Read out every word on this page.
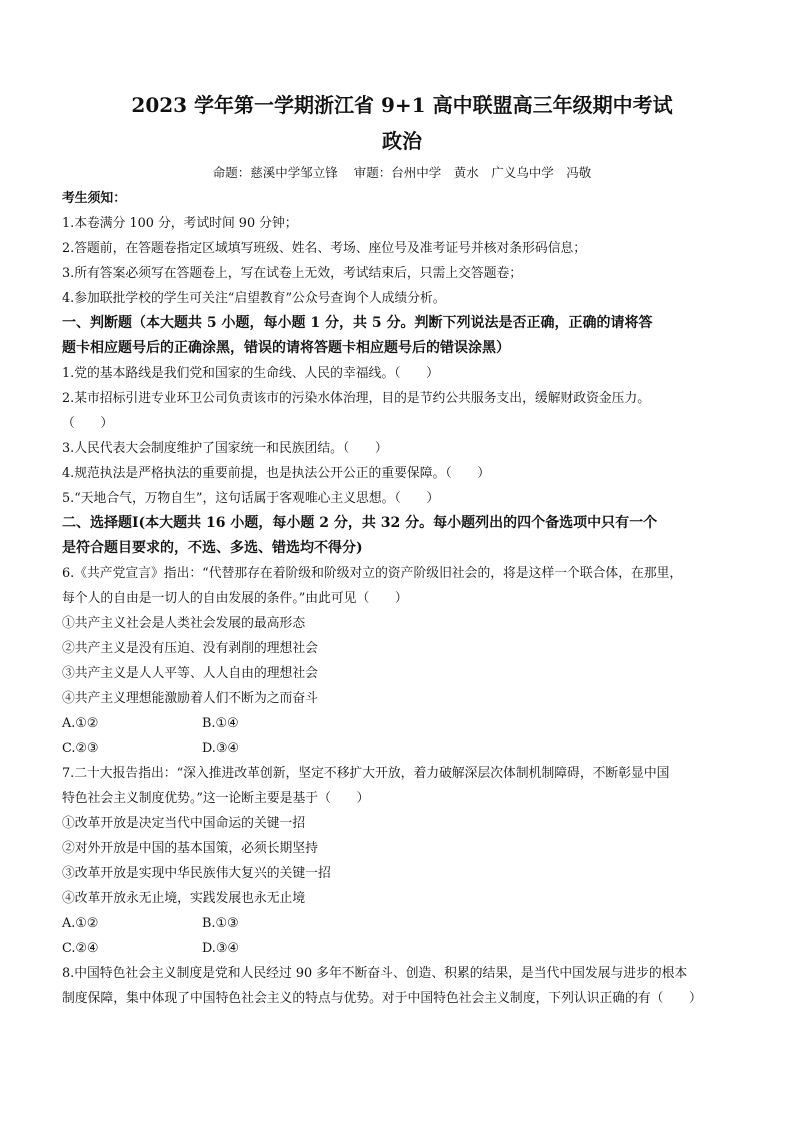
2023 学年第一学期浙江省 9+1 高中联盟高三年级期中考试
政治
命题：慈溪中学邹立锋 审题：台州中学　黄水　广义乌中学　冯敬
考生须知：
1.本卷满分 100 分，考试时间 90 分钟；
2.答题前，在答题卷指定区域填写班级、姓名、考场、座位号及准考证号并核对条形码信息；
3.所有答案必须写在答题卷上，写在试卷上无效，考试结束后，只需上交答题卷；
4.参加联批学校的学生可关注“启望教育”公众号查询个人成绩分析。
一、判断题（本大题共 5 小题，每小题 1 分，共 5 分。判断下列说法是否正确，正确的请将答
题卡相应题号后的正确涂黑，错误的请将答题卡相应题号后的错误涂黑）
1.党的基本路线是我们党和国家的生命线、人民的幸福线。（　　）
2.某市招标引进专业环卫公司负责该市的污染水体治理，目的是节约公共服务支出，缓解财政资金压力。
（　　）
3.人民代表大会制度维护了国家统一和民族团结。（　　）
4.规范执法是严格执法的重要前提，也是执法公开公正的重要保障。（　　）
5.“天地合气，万物自生”，这句话属于客观唯心主义思想。（　　）
二、选择题Ⅰ(本大题共 16 小题，每小题 2 分，共 32 分。每小题列出的四个备选项中只有一个
是符合题目要求的，不选、多选、错选均不得分)
6.《共产党宣言》指出：“代替那存在着阶级和阶级对立的资产阶级旧社会的，将是这样一个联合体，在那里，
每个人的自由是一切人的自由发展的条件。”由此可见（　　）
①共产主义社会是人类社会发展的最高形态
②共产主义是没有压迫、没有剥削的理想社会
③共产主义是人人平等、人人自由的理想社会
④共产主义理想能激励着人们不断为之而奋斗
A.①②	B.①④
C.②③	D.③④
7.二十大报告指出：“深入推进改革创新，坚定不移扩大开放，着力破解深层次体制机制障碍，不断彰显中国
特色社会主义制度优势。”这一论断主要是基于（　　）
①改革开放是决定当代中国命运的关键一招
②对外开放是中国的基本国策，必须长期坚持
③改革开放是实现中华民族伟大复兴的关键一招
④改革开放永无止境，实践发展也永无止境
A.①②	B.①③
C.②④	D.③④
8.中国特色社会主义制度是党和人民经过 90 多年不断奋斗、创造、积累的结果，是当代中国发展与进步的根本
制度保障，集中体现了中国特色社会主义的特点与优势。对于中国特色社会主义制度，下列认识正确的有（　　）
